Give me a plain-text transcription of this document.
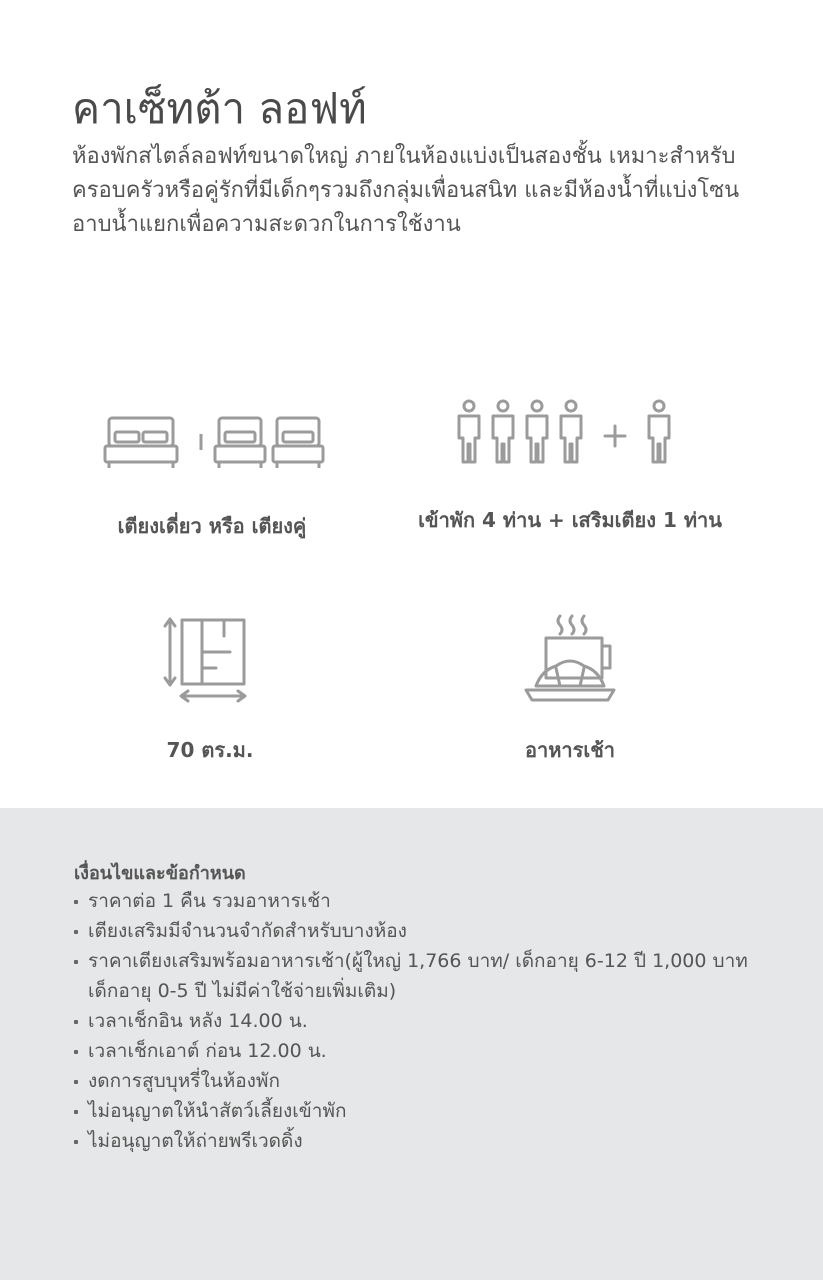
คาเซ็ทต้า ลอฟท์
ห้องพักสไตล์ลอฟท์ขนาดใหญ่ ภายในห้องแบ่งเป็นสองชั้น เหมาะสำหรับครอบครัวหรือคู่รักที่มีเด็กๆรวมถึงกลุ่มเพื่อนสนิท และมีห้องน้ำที่แบ่งโซนอาบน้ำแยกเพื่อความสะดวกในการใช้งาน
เตียงเดี่ยว หรือ เตียงคู่	เข้าพัก 4 ท่าน + เสริมเตียง 1 ท่าน
70 ตร.ม.	อาหารเช้า
เงื่อนไขและข้อกำหนด
ราคาต่อ 1 คืน รวมอาหารเช้า
เตียงเสริมมีจำนวนจำกัดสำหรับบางห้อง
ราคาเตียงเสริมพร้อมอาหารเช้า(ผู้ใหญ่ 1,766 บาท/ เด็กอายุ 6-12 ปี 1,000 บาท เด็กอายุ 0-5 ปี ไม่มีค่าใช้จ่ายเพิ่มเติม)
เวลาเช็กอิน หลัง 14.00 น.
เวลาเช็กเอาต์ ก่อน 12.00 น.
งดการสูบบุหรี่ในห้องพัก
ไม่อนุญาตให้นำสัตว์เลี้ยงเข้าพัก
ไม่อนุญาตให้ถ่ายพรีเวดดิ้ง
